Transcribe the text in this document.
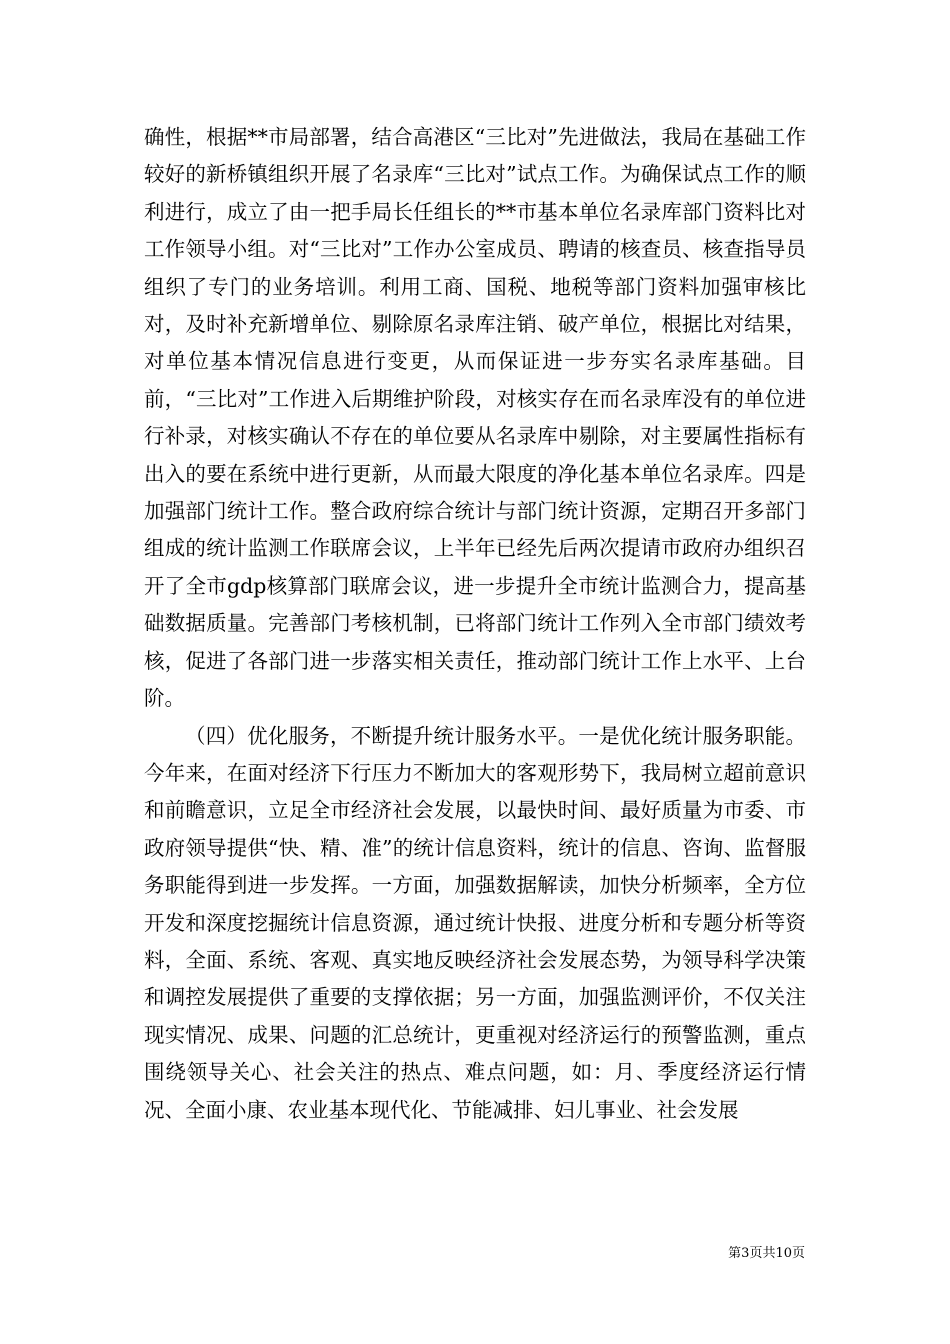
确性，根据**市局部署，结合高港区“三比对”先进做法，我局在基础工作较好的新桥镇组织开展了名录库“三比对”试点工作。为确保试点工作的顺利进行，成立了由一把手局长任组长的**市基本单位名录库部门资料比对工作领导小组。对“三比对”工作办公室成员、聘请的核查员、核查指导员组织了专门的业务培训。利用工商、国税、地税等部门资料加强审核比对，及时补充新增单位、剔除原名录库注销、破产单位，根据比对结果，对单位基本情况信息进行变更，从而保证进一步夯实名录库基础。目前，“三比对”工作进入后期维护阶段，对核实存在而名录库没有的单位进行补录，对核实确认不存在的单位要从名录库中剔除，对主要属性指标有出入的要在系统中进行更新，从而最大限度的净化基本单位名录库。四是加强部门统计工作。整合政府综合统计与部门统计资源，定期召开多部门组成的统计监测工作联席会议，上半年已经先后两次提请市政府办组织召开了全市gdp核算部门联席会议，进一步提升全市统计监测合力，提高基础数据质量。完善部门考核机制，已将部门统计工作列入全市部门绩效考核，促进了各部门进一步落实相关责任，推动部门统计工作上水平、上台阶。

（四）优化服务，不断提升统计服务水平。一是优化统计服务职能。今年来，在面对经济下行压力不断加大的客观形势下，我局树立超前意识和前瞻意识，立足全市经济社会发展，以最快时间、最好质量为市委、市政府领导提供“快、精、准”的统计信息资料，统计的信息、咨询、监督服务职能得到进一步发挥。一方面，加强数据解读，加快分析频率，全方位开发和深度挖掘统计信息资源，通过统计快报、进度分析和专题分析等资料，全面、系统、客观、真实地反映经济社会发展态势，为领导科学决策和调控发展提供了重要的支撑依据；另一方面，加强监测评价，不仅关注现实情况、成果、问题的汇总统计，更重视对经济运行的预警监测，重点围绕领导关心、社会关注的热点、难点问题，如：月、季度经济运行情况、全面小康、农业基本现代化、节能减排、妇儿事业、社会发展

第3页共10页
